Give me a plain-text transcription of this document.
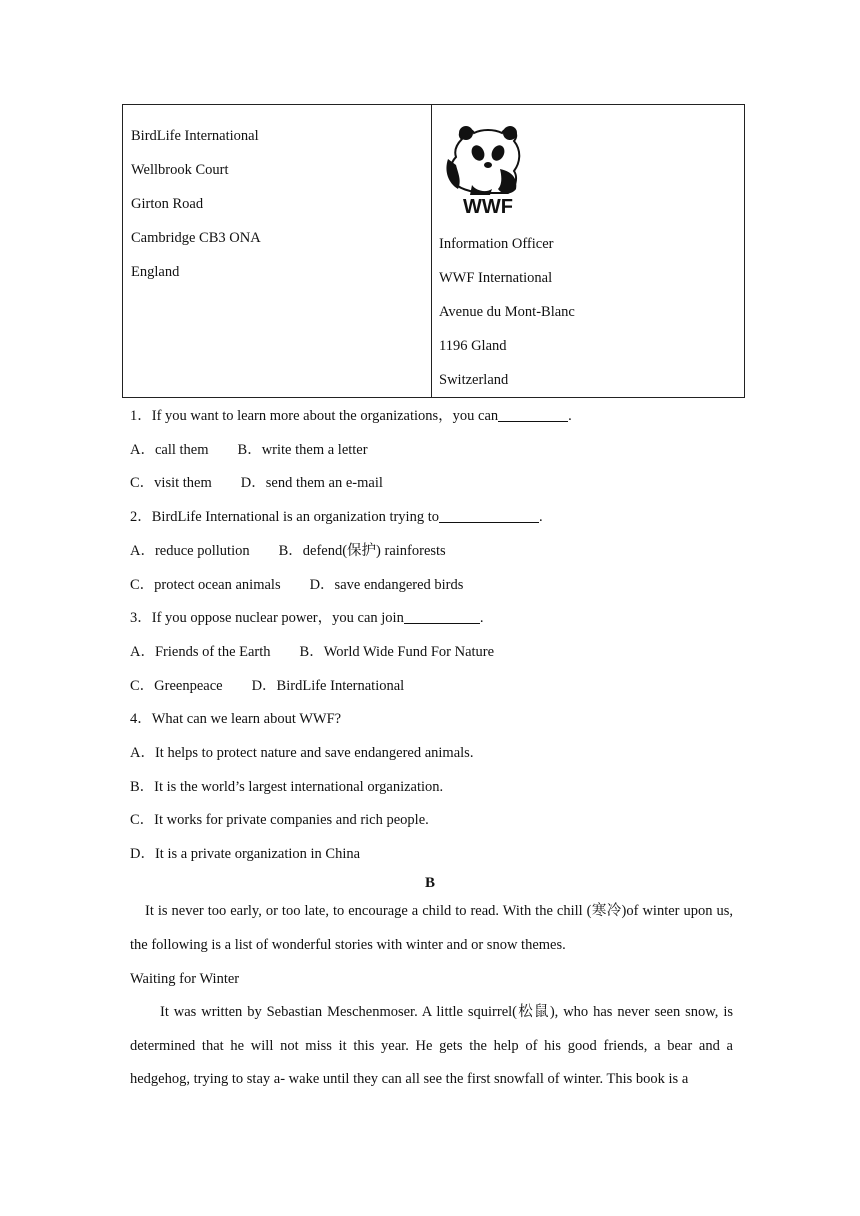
BirdLife International
Wellbrook Court
Girton Road
Cambridge CB3 ONA
England
WWF
Information Officer
WWF International
Avenue du Mont-Blanc
1196 Gland
Switzerland
1．If you want to learn more about the organizations，you can	.
A．call them        B．write them a letter
C．visit them        D．send them an e-mail
2．BirdLife International is an organization trying to	.
A．reduce pollution        B．defend(保护) rainforests
C．protect ocean animals        D．save endangered birds
3．If you oppose nuclear power，you can join	.
A．Friends of the Earth        B．World Wide Fund For Nature
C．Greenpeace        D．BirdLife International
4．What can we learn about WWF?
A．It helps to protect nature and save endangered animals.
B．It is the world’s largest international organization.
C．It works for private companies and rich people.
D．It is a private organization in China
B
It is never too early, or too late, to encourage a child to read. With the chill (寒冷)of winter upon us, the following is a list of wonderful stories with winter and or snow themes.
Waiting for Winter
It was written by Sebastian Meschenmoser. A little squirrel(松鼠), who has never seen snow, is determined that he will not miss it this year. He gets the help of his good friends, a bear and a hedgehog, trying to stay a- wake until they can all see the first snowfall of winter. This book is a
